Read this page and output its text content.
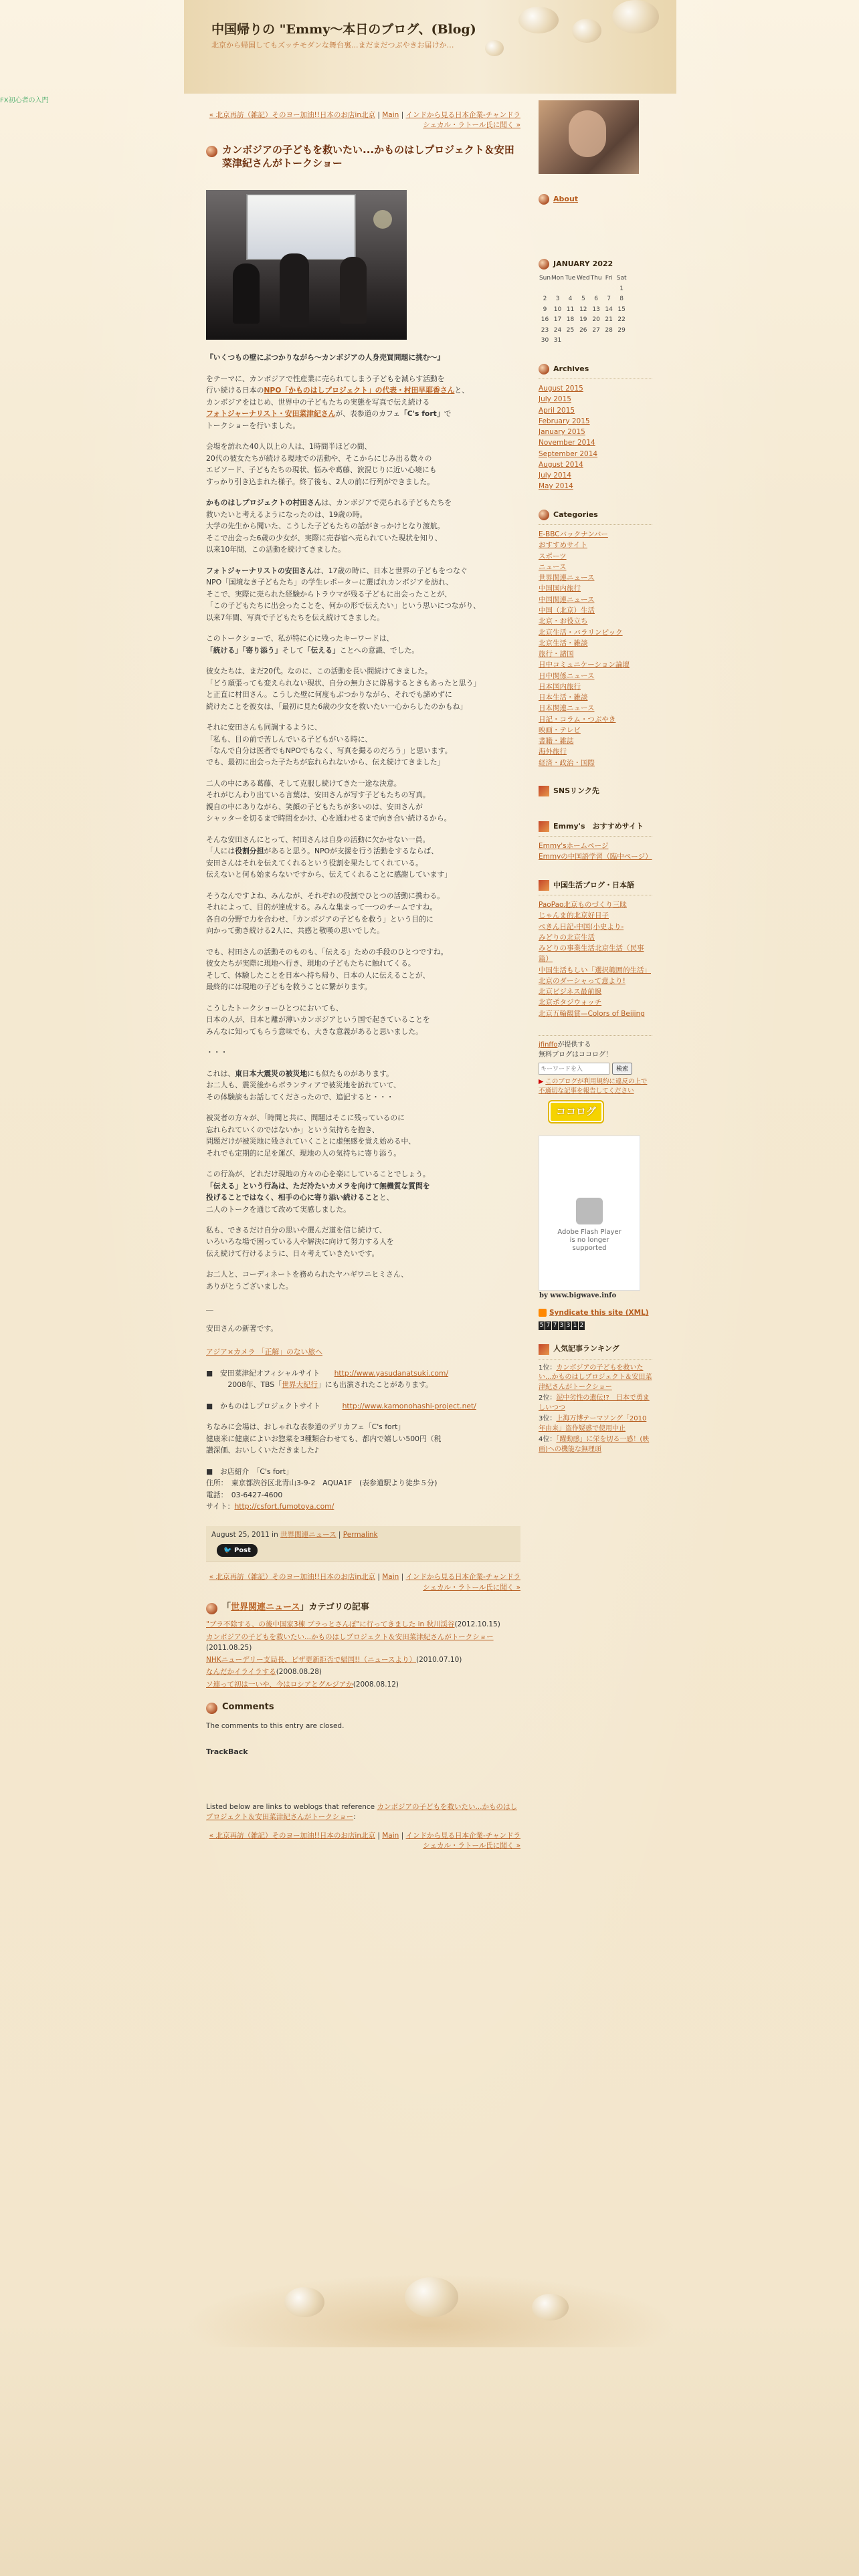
中国帰りの "Emmy〜本日のブログ、(Blog)
北京から帰国してもズッチモダンな舞台裏...まだまだつぶやきお届けか…
FX初心者の入門
« 北京再訪（雑記）そのヨー加油!!日本のお店in北京 | Main | インドから見る日本企業-チャンドラシェカル・ラトール氏に聞く »
カンボジアの子どもを救いたい...かものはしプロジェクト＆安田菜津紀さんがトークショー

『いくつもの壁にぶつかりながら〜カンボジアの人身売買問題に挑む〜』

をテーマに、カンボジアで性産業に売られてしまう子どもを減らす活動を
行い続ける日本のNPO「かものはしプロジェクト」の代表・村田早耶香さんと、
カンボジアをはじめ、世界中の子どもたちの実態を写真で伝え続ける
フォトジャーナリスト・安田菜津紀さんが、表参道のカフェ「C's fort」で
トークショーを行いました。

会場を訪れた40人以上の人は、1時間半ほどの間、
20代の彼女たちが続ける現地での活動や、そこからにじみ出る数々の
エピソード、子どもたちの現状、悩みや葛藤、涙混じりに近い心境にも
すっかり引き込まれた様子。終了後も、2人の前に行列ができました。

かものはしプロジェクトの村田さんは、カンボジアで売られる子どもたちを
救いたいと考えるようになったのは、19歳の時。
大学の先生から聞いた、こうした子どもたちの話がきっかけとなり渡航。
そこで出会った6歳の少女が、実際に売春宿へ売られていた現状を知り、
以来10年間、この活動を続けてきました。

フォトジャーナリストの安田さんは、17歳の時に、日本と世界の子どもをつなぐ
NPO「国境なき子どもたち」の学生レポーターに選ばれカンボジアを訪れ、
そこで、実際に売られた経験からトラウマが残る子どもに出会ったことが、
「この子どもたちに出会ったことを、何かの形で伝えたい」という思いにつながり、
以来7年間、写真で子どもたちを伝え続けてきました。

このトークショーで、私が特に心に残ったキーワードは、
「統ける」「寄り添う」そして「伝える」ことへの意識、でした。

彼女たちは、まだ20代。なのに、この活動を長い間続けてきました。
「どう頑張っても変えられない現状、自分の無力さに辟易するときもあったと思う」
と正直に村田さん。こうした壁に何度もぶつかりながら、それでも諦めずに
続けたことを彼女は、「最初に見た6歳の少女を救いたい一心からしたのかもね」

それに安田さんも同調するように、
「私も、目の前で苦しんでいる子どもがいる時に、
「なんで自分は医者でもNPOでもなく、写真を撮るのだろう」と思います。
でも、最初に出会った子たちが忘れられないから、伝え続けてきました」

二人の中にある葛藤、そして克服し続けてきた一途な決意。
それがじんわり出ている言葉は、安田さんが写す子どもたちの写真。
親自の中にありながら、笑顔の子どもたちが多いのは、安田さんが
シャッターを切るまで時間をかけ、心を通わせるまで向き合い続けるから。

そんな安田さんにとって、村田さんは自身の活動に欠かせない一員。
「人には役割分担があると思う。NPOが支援を行う活動をするならば、
安田さんはそれを伝えてくれるという役割を果たしてくれている。
伝えないと何も始まらないですから、伝えてくれることに感謝しています」

そうなんですよね、みんなが、それぞれの役割でひとつの活動に携わる。
それによって、目的が達成する。みんな集まって一つのチームですね。
各自の分野で力を合わせ、「カンボジアの子どもを救う」という目的に
向かって動き続ける2人に、共感と敬嘆の思いでした。

でも、村田さんの活動そのものも、「伝える」ための手段のひとつですね。
彼女たちが実際に現地へ行き、現地の子どもたちに触れてくる。
そして、体験したことを日本へ持ち帰り、日本の人に伝えることが、
最終的には現地の子どもを救うことに繋がります。

こうしたトークショーひとつにおいても、
日本の人が、日本と離が薄いカンボジアという国で起きていることを
みんなに知ってもらう意味でも、大きな意義があると思いました。

・・・

これは、東日本大震災の被災地にも似たものがあります。
お二人も、震災後からボランティアで被災地を訪れていて、
その体験談もお話してくださったので、追記すると・・・

被災者の方々が、「時間と共に、問題はそこに残っているのに
忘れられていくのではないか」という気持ちを抱き、
問題だけが被災地に残されていくことに虚無感を覚え始める中、
それでも定期的に足を運び、現地の人の気持ちに寄り添う。

この行為が、どれだけ現地の方々の心を楽にしていることでしょう。
「伝える」という行為は、ただ冷たいカメラを向けて無機質な質問を
投げることではなく、相手の心に寄り添い続けることと、
二人のトークを通じて改めて実感しました。

私も、できるだけ自分の思いや選んだ道を信じ続けて、
いろいろな場で困っている人や解決に向けて努力する人を
伝え続けて行けるように、日々考えていきたいです。

お二人と、コーディネートを務められたヤハギワニヒミさん、
ありがとうございました。

＿

安田さんの新著です。

アジア×カメラ 「正解」のない旅へ

■　安田菜津紀オフィシャルサイト　　http://www.yasudanatsuki.com/
　　　2008年、TBS「世界大紀行」にも出演されたことがあります。

■　かものはしプロジェクトサイト　　　http://www.kamonohashi-project.net/

ちなみに会場は、おしゃれな表参道のデリカフェ「C's fort」
健康米に健康によいお惣菜を3種類合わせても、都内で嬉しい500円（税
讃深価、おいしくいただきました♪

■　お店紹介　「C's fort」
住所：　東京都渋谷区北青山3-9-2　AQUA1F　(表参道駅より徒歩５分)
電話：　03-6427-4600
サイト：http://csfort.fumotoya.com/

August 25, 2011 in 世界関連ニュース | Permalink
🐦 Post
« 北京再訪（雑記）そのヨー加油!!日本のお店in北京 | Main | インドから見る日本企業-チャンドラシェカル・ラトール氏に聞く »
「世界関連ニュース」カテゴリの記事
"ブラ不除する、の後中国家3棟 ブラっとさんぽ"に行ってきました in 秋川渓谷(2012.10.15)
カンボジアの子どもを救いたい...かものはしプロジェクト＆安田菜津紀さんがトークショー(2011.08.25)
NHKニューデリー支局長、ビザ更新拒否で帰国!!（ニュースより）(2010.07.10)
なんだかイライラする(2008.08.28)
ソ連って初は一いや、今はロシアとグルジアか(2008.08.12)
Comments
The comments to this entry are closed.
TrackBack
Listed below are links to weblogs that reference カンボジアの子どもを救いたい...かものはしプロジェクト＆安田菜津紀さんがトークショー:
« 北京再訪（雑記）そのヨー加油!!日本のお店in北京 | Main | インドから見る日本企業-チャンドラシェカル・ラトール氏に聞く »
About
JANUARY 2022
Sun	Mon	Tue	Wed	Thu	Fri	Sat
						1
2	3	4	5	6	7	8
9	10	11	12	13	14	15
16	17	18	19	20	21	22
23	24	25	26	27	28	29
30	31					
Archives
August 2015
July 2015
April 2015
February 2015
January 2015
November 2014
September 2014
August 2014
July 2014
May 2014
Categories
E-BBCバックナンバー
おすすめサイト
スポーツ
ニュース
世界関連ニュース
中国国内旅行
中国関連ニュース
中国（北京）生活
北京・お役立ち
北京生活・バラリンピック
北京生活・雑談
旅行・諸国
日中コミュニケーション論壇
日中関係ニュース
日本国内旅行
日本生活・雑談
日本関連ニュース
日記・コラム・つぶやき
映画・テレビ
書籍・雑誌
海外旅行
経済・政治・国際
SNSリンク先
Emmy's　おすすめサイト
Emmy'sホームページ
Emmyの中国語学習（臨中ページ）
中国生活ブログ・日本語
PaoPao北京ものづくり三昧
じゃんま的北京好日子
ぺきん日記-中国(小史より-
みどりの北京生活
みどりの事業生活北京生活（民事篇）
中国生活もしい「選択範囲的生活」
北京のダーシャって意より!
北京ビジネス最前線
北京ポタジウォッチ
北京五輪観賞—Colors of Beijing
jfinffoが提供する
無料ブログはココログ！
キーワードを入
検索
▶ このブログが利用規約に違反の上で不適切な記事を報告してください
ココログ
Adobe Flash Player
is no longer
supported
by www.bigwave.info
Syndicate this site (XML)
5 7 7 3 3 1 2
人気記事ランキング
1位：カンボジアの子どもを救いたい...かものはしプロジェクト＆安田菜津紀さんがトークショー
2位：泥中劣性の遺伝!?　日本で勇ましいつつ
3位：上海万博テーマソング「2010年由来」盗作疑惑で使用中止
4位：「躍動感」に栄を切る一感！(映画)への機能な無理頭
